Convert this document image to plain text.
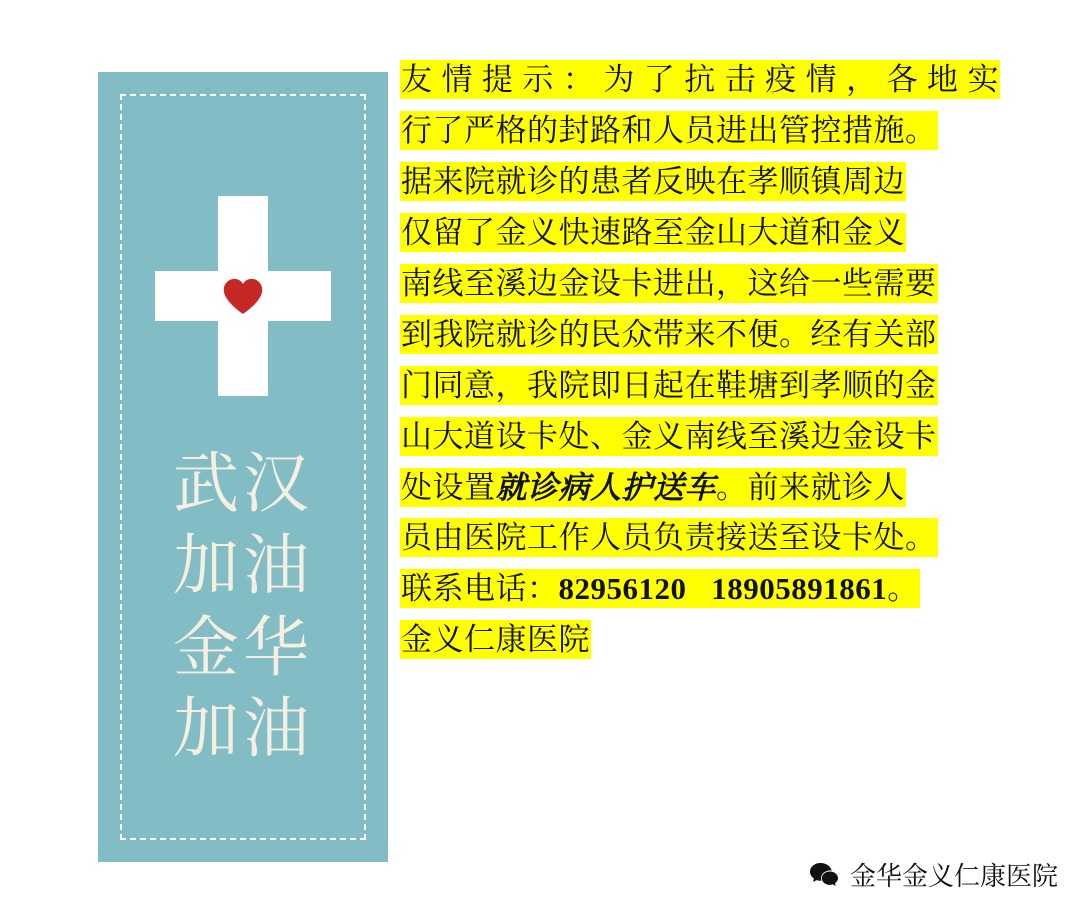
武汉
加油
金华
加油

友情提示：为了抗击疫情，各地实

行了严格的封路和人员进出管控措施。

据来院就诊的患者反映在孝顺镇周边

仅留了金义快速路至金山大道和金义

南线至溪边金设卡进出，这给一些需要

到我院就诊的民众带来不便。经有关部

门同意，我院即日起在鞋塘到孝顺的金

山大道设卡处、金义南线至溪边金设卡

处设置就诊病人护送车。前来就诊人

员由医院工作人员负责接送至设卡处。

联系电话：82956120 18905891861。

金义仁康医院

金华金义仁康医院
